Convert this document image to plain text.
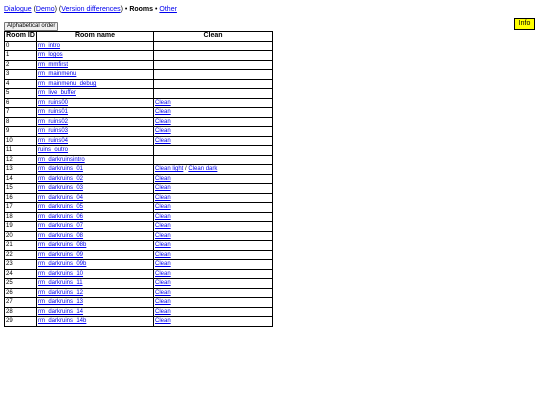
Dialogue (Demo) (Version differences) • Rooms • Other
Alphabetical order	Info
Room ID	Room name	Clean
0	rm_intro	
1	rm_logos	
2	rm_mmfirst	
3	rm_mainmenu	
4	rm_mainmenu_debug	
5	rm_live_buffer	
6	rm_ruins00	Clean
7	rm_ruins01	Clean
8	rm_ruins02	Clean
9	rm_ruins03	Clean
10	rm_ruins04	Clean
11	ruins_outro	
12	rm_darkruinsintro	
13	rm_darkruins_01	Clean light / Clean dark
14	rm_darkruins_02	Clean
15	rm_darkruins_03	Clean
16	rm_darkruins_04	Clean
17	rm_darkruins_05	Clean
18	rm_darkruins_06	Clean
19	rm_darkruins_07	Clean
20	rm_darkruins_08	Clean
21	rm_darkruins_08b	Clean
22	rm_darkruins_09	Clean
23	rm_darkruins_09b	Clean
24	rm_darkruins_10	Clean
25	rm_darkruins_11	Clean
26	rm_darkruins_12	Clean
27	rm_darkruins_13	Clean
28	rm_darkruins_14	Clean
29	rm_darkruins_14b	Clean
